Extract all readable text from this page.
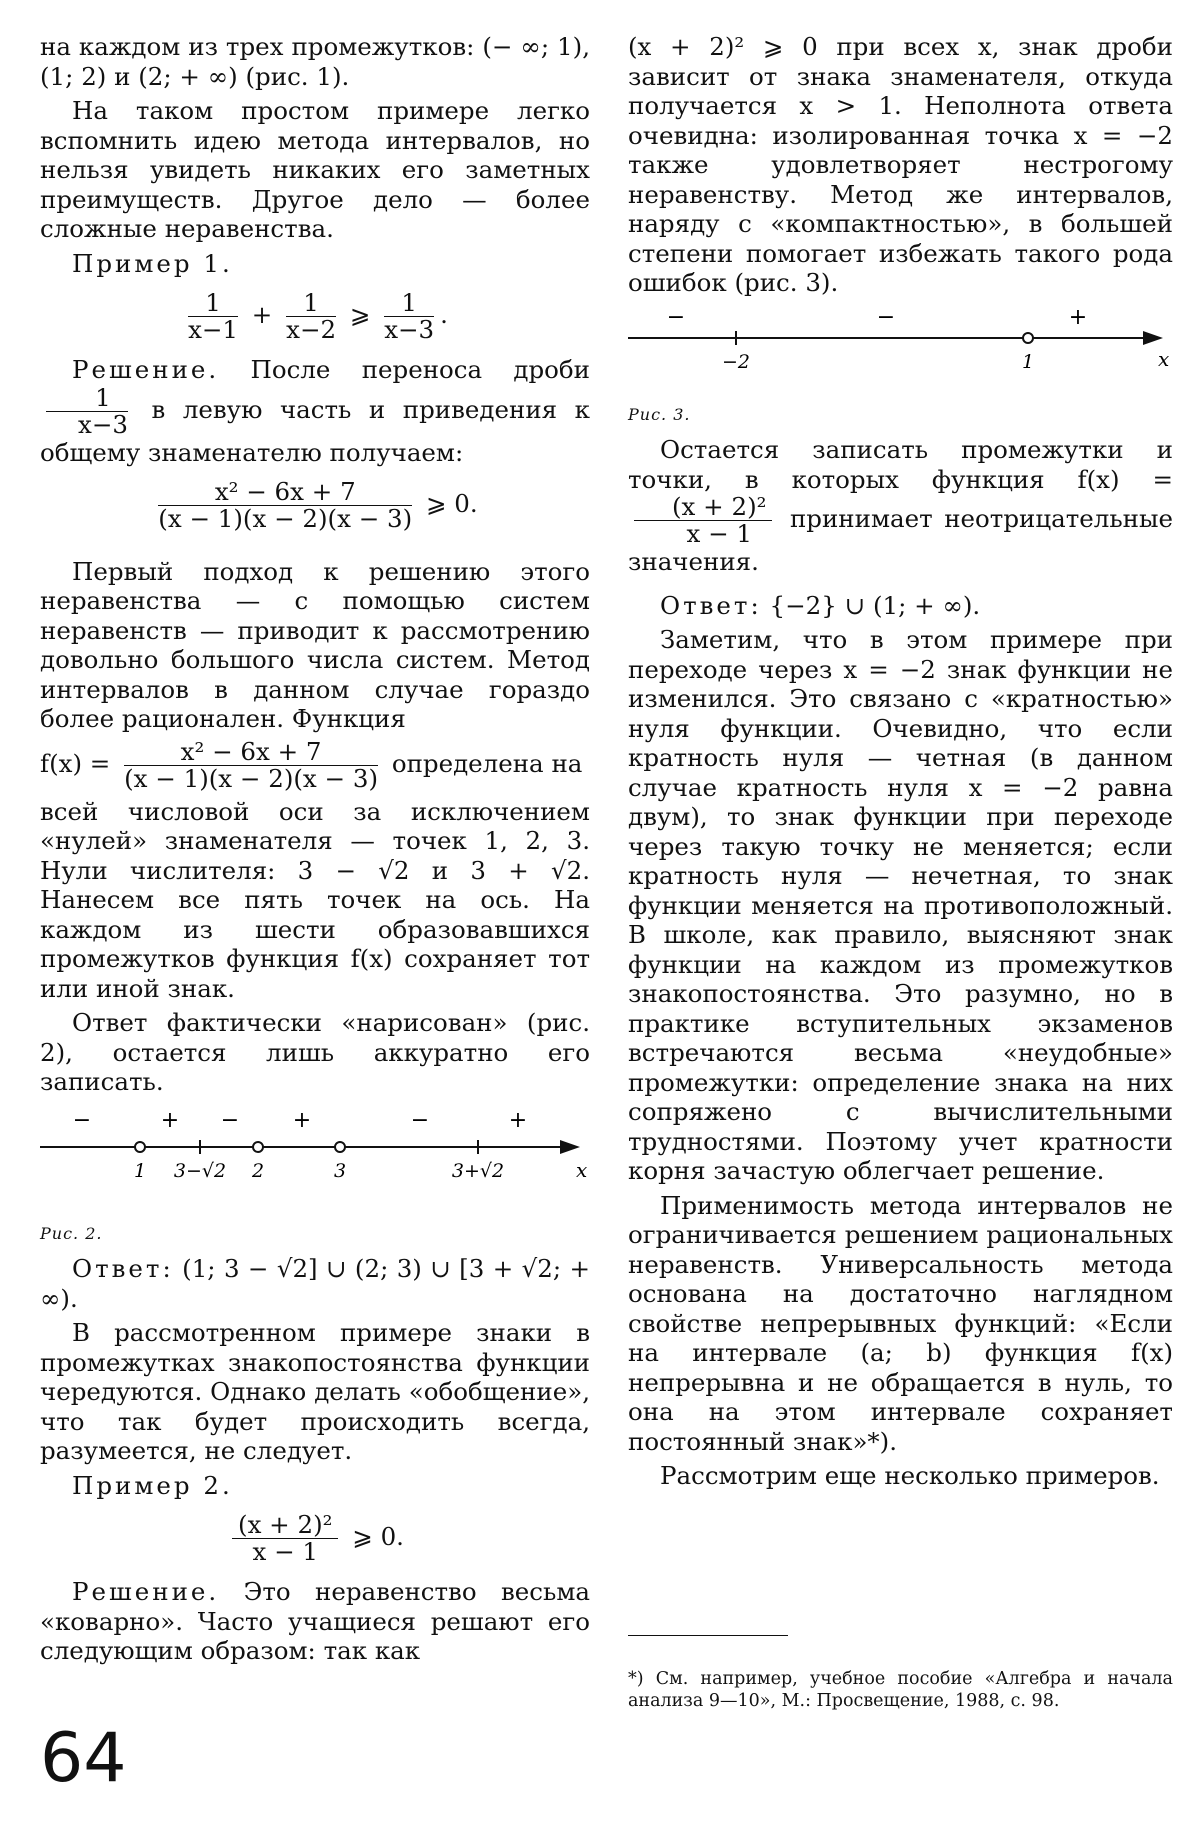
на каждом из трех промежутков: (− ∞; 1), (1; 2) и (2; + ∞) (рис. 1).

На таком простом примере легко вспомнить идею метода интервалов, но нельзя увидеть никаких его заметных преимуществ. Другое дело — более сложные неравенства.

Пример 1.

$\frac{1}{x-1} + \frac{1}{x-2}$ ⩾ $\frac{1}{x-3}$ .

Решение. После переноса дроби
$\frac{1}{x-3}$ в левую часть и приведения к общему знаменателю получаем:

$\frac{\text{x² − 6x + 7}}{(x - 1)(x - 2)(x - 3)}$ ⩾ 0.

Первый подход к решению этого неравенства — с помощью систем неравенств — приводит к рассмотрению довольно большого числа систем. Метод интервалов в данном случае гораздо более рационален. Функция

$f(x) = \frac{\text{x² − 6x + 7}}{(x - 1)(x - 2)(x - 3)}$ определена на

всей числовой оси за исключением «нулей» знаменателя — точек 1, 2, 3. Нули числителя: 3 − √2 и 3 + √2. Нанесем все пять точек на ось. На каждом из шести образовавшихся промежутков функция f(x) сохраняет тот или иной знак.

Ответ фактически «нарисован» (рис. 2), остается лишь аккуратно его записать.

−	+ − +	−	+
1 3−√2 2	3	3+√2	x

Рис. 2.

Ответ: (1; 3 − √2] ∪ (2; 3) ∪ [3 + √2; + ∞).

В рассмотренном примере знаки в промежутках знакопостоянства функции чередуются. Однако делать «обобщение», что так будет происходить всегда, разумеется, не следует.

Пример 2.

$\frac{\text{(x + 2)²}}{x - 1}$ ⩾ 0.

Решение. Это неравенство весьма «коварно». Часто учащиеся решают его следующим образом: так как

(x + 2)² ⩾ 0 при всех x, знак дроби зависит от знака знаменателя, откуда получается x > 1. Неполнота ответа очевидна: изолированная точка x = −2 также удовлетворяет нестрогому неравенству. Метод же интервалов, наряду с «компактностью», в большей степени помогает избежать такого рода ошибок (рис. 3).

−	−	+
−2	1	x

Рис. 3.

Остается записать промежутки и точки, в которых функция f(x) =
$\frac{\text{(x + 2)²}}{x - 1}$ принимает неотрицательные значения.

Ответ: {−2} ∪ (1; + ∞).

Заметим, что в этом примере при переходе через x = −2 знак функции не изменился. Это связано с «кратностью» нуля функции. Очевидно, что если кратность нуля — четная (в данном случае кратность нуля x = −2 равна двум), то знак функции при переходе через такую точку не меняется; если кратность нуля — нечетная, то знак функции меняется на противоположный. В школе, как правило, выясняют знак функции на каждом из промежутков знакопостоянства. Это разумно, но в практике вступительных экзаменов встречаются весьма «неудобные» промежутки: определение знака на них сопряжено с вычислительными трудностями. Поэтому учет кратности корня зачастую облегчает решение.

Применимость метода интервалов не ограничивается решением рациональных неравенств. Универсальность метода основана на достаточно наглядном свойстве непрерывных функций: «Если на интервале (a; b) функция f(x) непрерывна и не обращается в нуль, то она на этом интервале сохраняет постоянный знак»*).

Рассмотрим еще несколько примеров.

*) См. например, учебное пособие «Алгебра и начала анализа 9—10», М.: Просвещение, 1988, с. 98.

64
